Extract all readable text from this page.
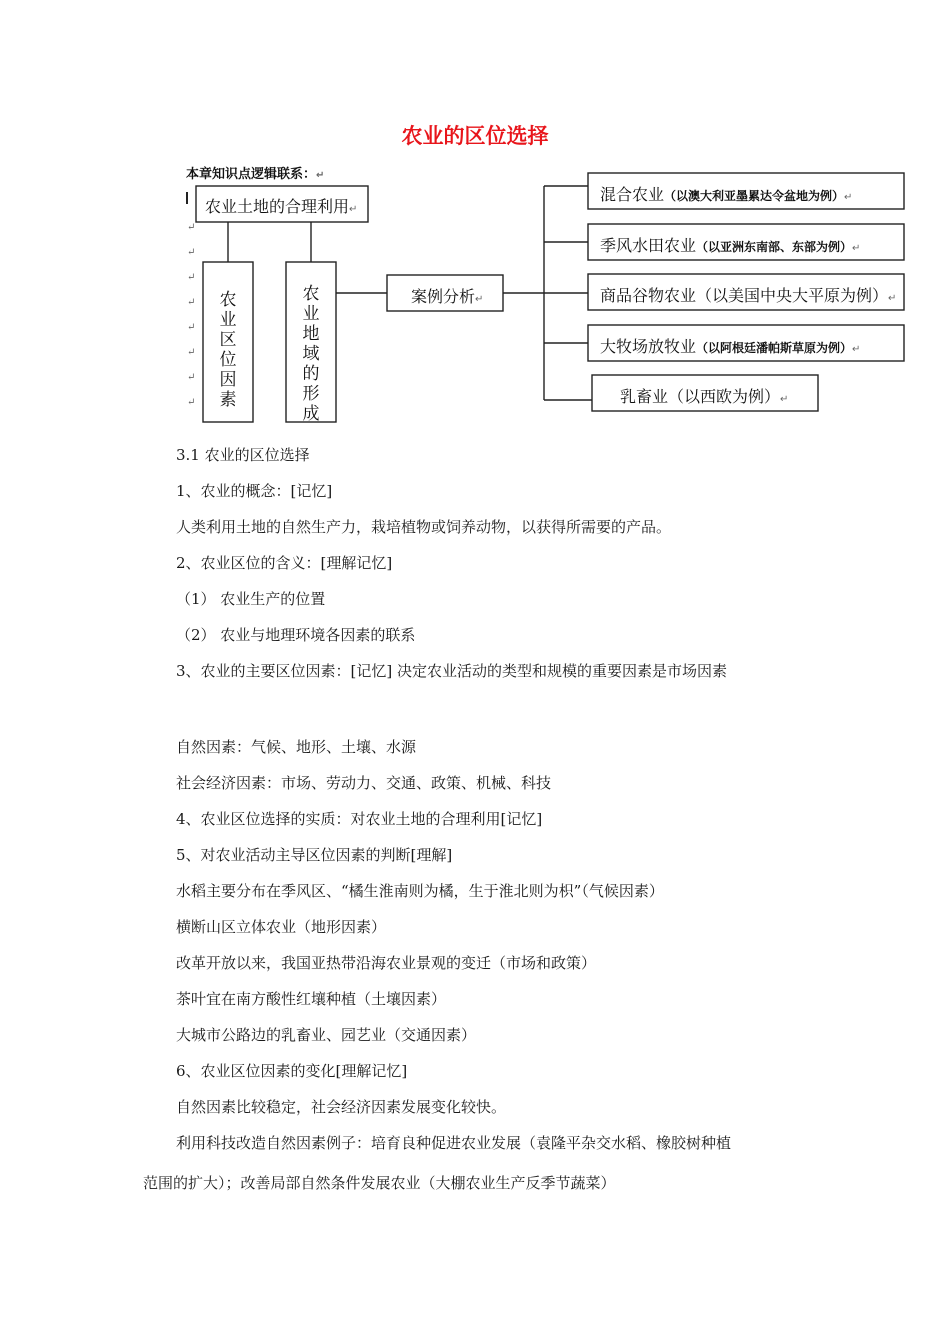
农业的区位选择
本章知识点逻辑联系：↵
农业土地的合理利用↵
农业区位因素
农业地域的形成
案例分析↵
混合农业（以澳大利亚墨累达令盆地为例）↵
季风水田农业（以亚洲东南部、东部为例）↵
商品谷物农业（以美国中央大平原为例）↵
大牧场放牧业（以阿根廷潘帕斯草原为例）↵
乳畜业（以西欧为例）↵
↵
↵
↵
↵
↵
↵
↵
↵
3.1 农业的区位选择
1、农业的概念：[记忆]
人类利用土地的自然生产力，栽培植物或饲养动物，以获得所需要的产品。
2、农业区位的含义：[理解记忆]
（1） 农业生产的位置
（2） 农业与地理环境各因素的联系
3、农业的主要区位因素：[记忆] 决定农业活动的类型和规模的重要因素是市场因素
自然因素：气候、地形、土壤、水源
社会经济因素：市场、劳动力、交通、政策、机械、科技
4、农业区位选择的实质：对农业土地的合理利用[记忆]
5、对农业活动主导区位因素的判断[理解]
水稻主要分布在季风区、“橘生淮南则为橘，生于淮北则为枳”（气候因素）
横断山区立体农业（地形因素）
改革开放以来，我国亚热带沿海农业景观的变迁（市场和政策）
茶叶宜在南方酸性红壤种植（土壤因素）
大城市公路边的乳畜业、园艺业（交通因素）
6、农业区位因素的变化[理解记忆]
自然因素比较稳定，社会经济因素发展变化较快。
利用科技改造自然因素例子：培育良种促进农业发展（袁隆平杂交水稻、橡胶树种植
范围的扩大）；改善局部自然条件发展农业（大棚农业生产反季节蔬菜）
